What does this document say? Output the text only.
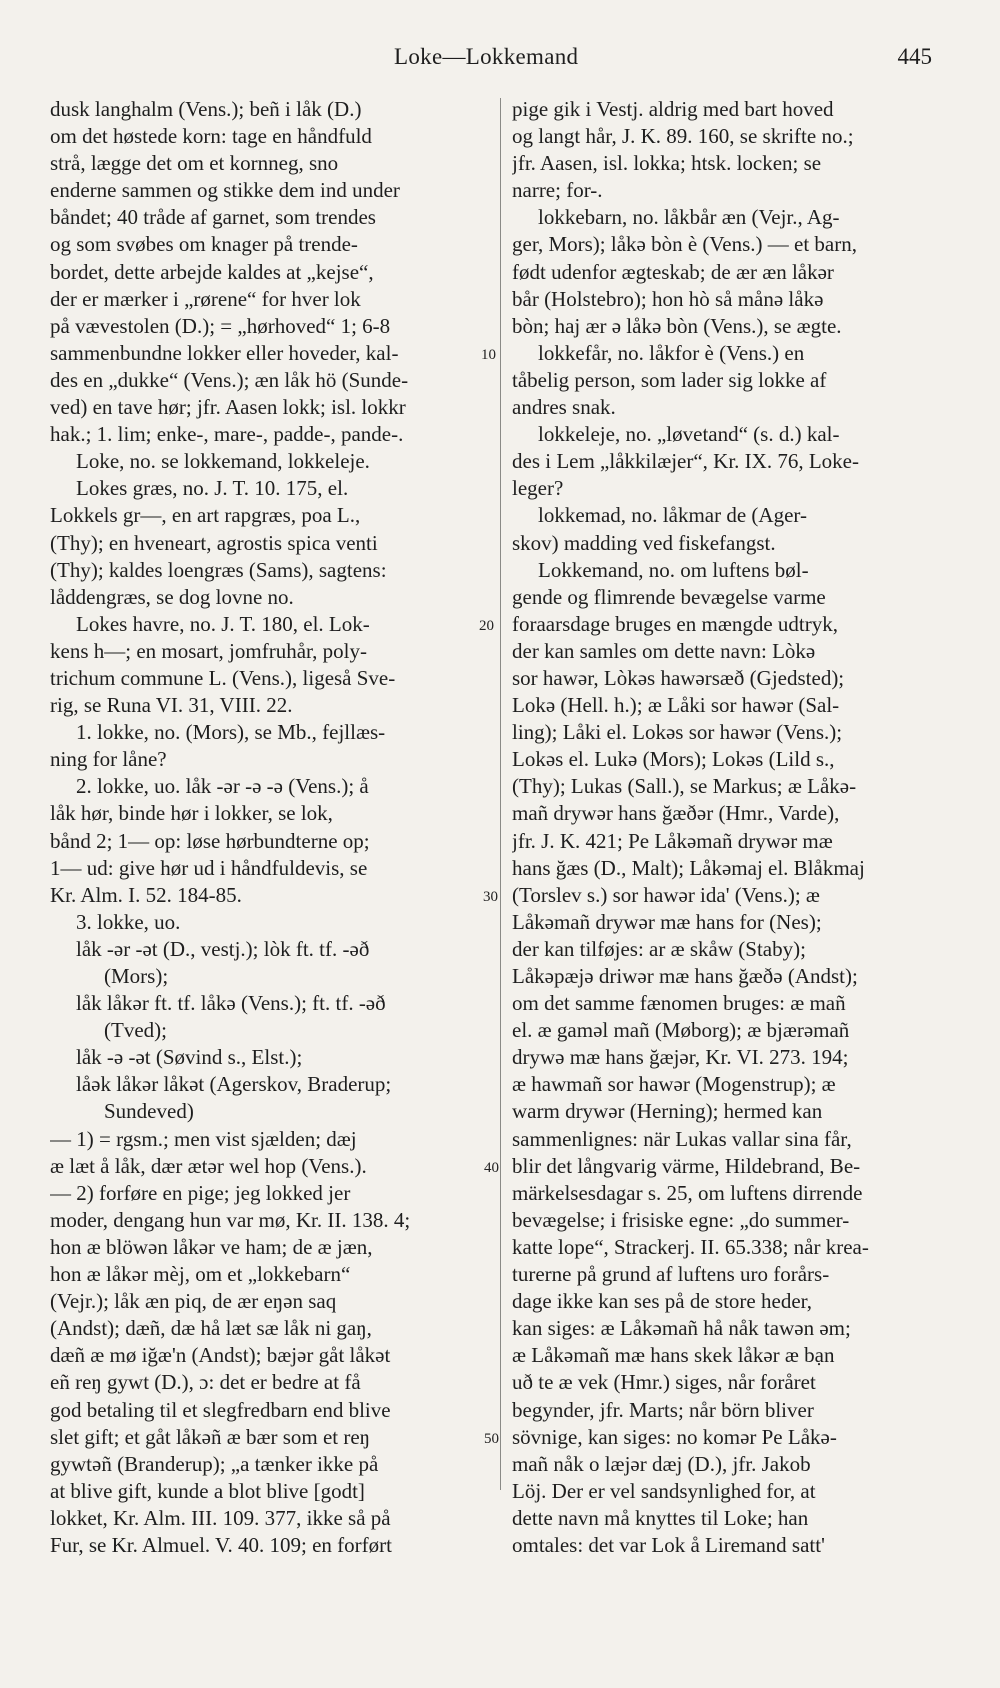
Loke—Lokkemand	445
10
20
30
40
50
dusk langhalm (Vens.); beñ i låk (D.)
om det høstede korn: tage en håndfuld
strå, lægge det om et kornneg, sno
enderne sammen og stikke dem ind under
båndet; 40 tråde af garnet, som trendes
og som svøbes om knager på trende-
bordet, dette arbejde kaldes at „kejse“,
der er mærker i „rørene“ for hver lok
på vævestolen (D.); = „hørhoved“ 1; 6-8
sammenbundne lokker eller hoveder, kal-
des en „dukke“ (Vens.); æn låk hö (Sunde-
ved) en tave hør; jfr. Aasen lokk; isl. lokkr
hak.; 1. lim; enke-, mare-, padde-, pande-.
Loke, no. se lokkemand, lokkeleje.
Lokes græs, no. J. T. 10. 175, el.
Lokkels gr—, en art rapgræs, poa L.,
(Thy); en hveneart, agrostis spica venti
(Thy); kaldes loengræs (Sams), sagtens:
låddengræs, se dog lovne no.
Lokes havre, no. J. T. 180, el. Lok-
kens h—; en mosart, jomfruhår, poly-
trichum commune L. (Vens.), ligeså Sve-
rig, se Runa VI. 31, VIII. 22.
1. lokke, no. (Mors), se Mb., fejllæs-
ning for låne?
2. lokke, uo. låk -ər -ə -ə (Vens.); å
låk hør, binde hør i lokker, se lok,
bånd 2; 1— op: løse hørbundterne op;
1— ud: give hør ud i håndfuldevis, se
Kr. Alm. I. 52. 184-85.
3. lokke, uo.
låk -ər -ət (D., vestj.); lòk ft. tf. -əð
(Mors);
låk låkər ft. tf. låkə (Vens.); ft. tf. -əð
(Tved);
låk -ə -ət (Søvind s., Elst.);
låək låkər låkət (Agerskov, Braderup;
Sundeved)
— 1) = rgsm.; men vist sjælden; dæj
æ læt å låk, dær ætər wel hop (Vens.).
— 2) forføre en pige; jeg lokked jer
moder, dengang hun var mø, Kr. II. 138. 4;
hon æ blöwən låkər ve ham; de æ jæn,
hon æ låkər mèj, om et „lokkebarn“
(Vejr.); låk æn piq, de ær eŋən saq
(Andst); dæñ, dæ hå læt sæ låk ni gaŋ,
dæñ æ mø iğæ'n (Andst); bæjər gåt låkət
eñ reŋ gywt (D.), ɔ: det er bedre at få
god betaling til et slegfredbarn end blive
slet gift; et gåt låkəñ æ bær som et reŋ
gywtəñ (Branderup); „a tænker ikke på
at blive gift, kunde a blot blive [godt]
lokket, Kr. Alm. III. 109. 377, ikke så på
Fur, se Kr. Almuel. V. 40. 109; en forført
pige gik i Vestj. aldrig med bart hoved
og langt hår, J. K. 89. 160, se skrifte no.;
jfr. Aasen, isl. lokka; htsk. locken; se
narre; for-.
lokkebarn, no. låkbår æn (Vejr., Ag-
ger, Mors); låkə bòn è (Vens.) — et barn,
født udenfor ægteskab; de ær æn låkər
bår (Holstebro); hon hò så månə låkə
bòn; haj ær ə låkə bòn (Vens.), se ægte.
lokkefår, no. låkfor è (Vens.) en
tåbelig person, som lader sig lokke af
andres snak.
lokkeleje, no. „løvetand“ (s. d.) kal-
des i Lem „låkkilæjer“, Kr. IX. 76, Loke-
leger?
lokkemad, no. låkmar de (Ager-
skov) madding ved fiskefangst.
Lokkemand, no. om luftens bøl-
gende og flimrende bevægelse varme
foraarsdage bruges en mængde udtryk,
der kan samles om dette navn: Lòkə
sor hawər, Lòkəs hawərsæð (Gjedsted);
Lokə (Hell. h.); æ Låki sor hawər (Sal-
ling); Låki el. Lokəs sor hawər (Vens.);
Lokəs el. Lukə (Mors); Lokəs (Lild s.,
(Thy); Lukas (Sall.), se Markus; æ Låkə-
mañ drywər hans ğæðər (Hmr., Varde),
jfr. J. K. 421; Pe Låkəmañ drywər mæ
hans ğæs (D., Malt); Låkəmaj el. Blåkmaj
(Torslev s.) sor hawər ida' (Vens.); æ
Låkəmañ drywər mæ hans for (Nes);
der kan tilføjes: ar æ skåw (Staby);
Låkəpæjə driwər mæ hans ğæðə (Andst);
om det samme fænomen bruges: æ mañ
el. æ gaməl mañ (Møborg); æ bjærəmañ
drywə mæ hans ğæjər, Kr. VI. 273. 194;
æ hawmañ sor hawər (Mogenstrup); æ
warm drywər (Herning); hermed kan
sammenlignes: när Lukas vallar sina får,
blir det långvarig värme, Hildebrand, Be-
märkelsesdagar s. 25, om luftens dirrende
bevægelse; i frisiske egne: „do summer-
katte lope“, Strackerj. II. 65.338; når krea-
turerne på grund af luftens uro forårs-
dage ikke kan ses på de store heder,
kan siges: æ Låkəmañ hå nåk tawən əm;
æ Låkəmañ mæ hans skek låkər æ bạn
uð te æ vek (Hmr.) siges, når foråret
begynder, jfr. Marts; når börn bliver
sövnige, kan siges: no komər Pe Låkə-
mañ nåk o læjər dæj (D.), jfr. Jakob
Löj. Der er vel sandsynlighed for, at
dette navn må knyttes til Loke; han
omtales: det var Lok å Liremand satt'
